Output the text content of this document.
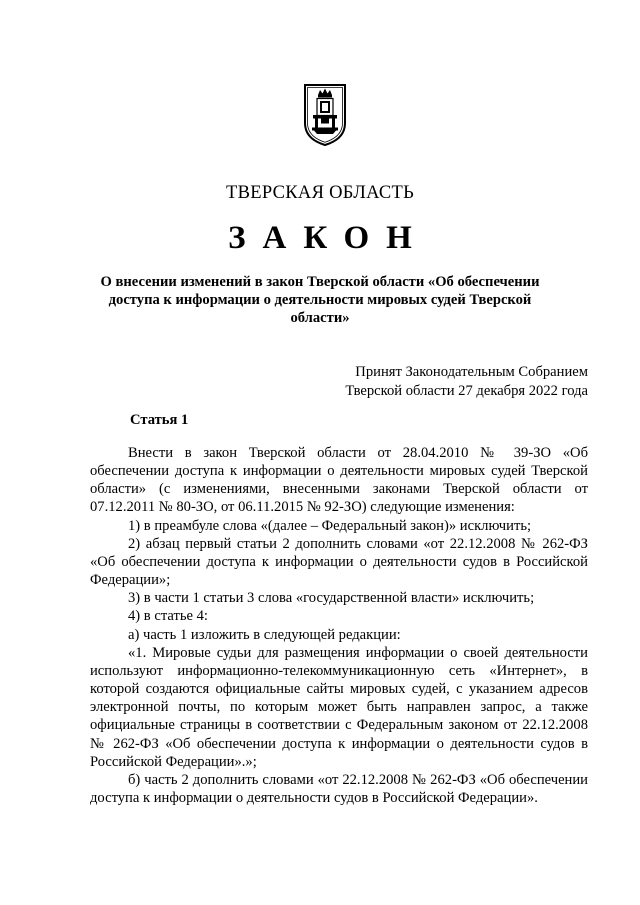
ТВЕРСКАЯ ОБЛАСТЬ
ЗАКОН
О внесении изменений в закон Тверской области «Об обеспечении доступа к информации о деятельности мировых судей Тверской области»
Принят Законодательным Собранием
Тверской области 27 декабря 2022 года
Статья 1

Внести в закон Тверской области от 28.04.2010 № 39-ЗО «Об обеспечении доступа к информации о деятельности мировых судей Тверской области» (с изменениями, внесенными законами Тверской области от 07.12.2011 № 80-ЗО, от 06.11.2015 № 92-ЗО) следующие изменения:

1) в преамбуле слова «(далее – Федеральный закон)» исключить;

2) абзац первый статьи 2 дополнить словами «от 22.12.2008 № 262-ФЗ «Об обеспечении доступа к информации о деятельности судов в Российской Федерации»;

3) в части 1 статьи 3 слова «государственной власти» исключить;

4) в статье 4:

а) часть 1 изложить в следующей редакции:

«1. Мировые судьи для размещения информации о своей деятельности используют информационно-телекоммуникационную сеть «Интернет», в которой создаются официальные сайты мировых судей, с указанием адресов электронной почты, по которым может быть направлен запрос, а также официальные страницы в соответствии с Федеральным законом от 22.12.2008 № 262-ФЗ «Об обеспечении доступа к информации о деятельности судов в Российской Федерации».»;

б) часть 2 дополнить словами «от 22.12.2008 № 262-ФЗ «Об обеспечении доступа к информации о деятельности судов в Российской Федерации».
